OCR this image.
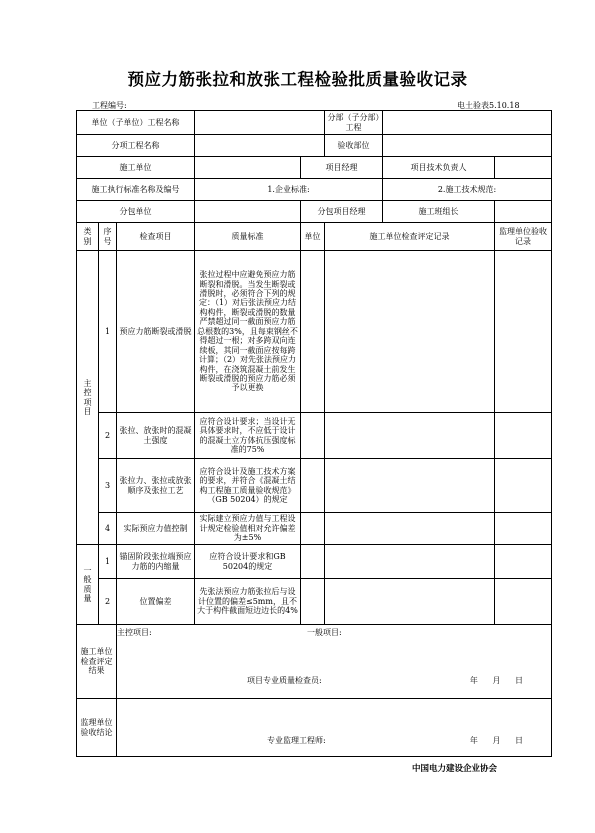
预应力筋张拉和放张工程检验批质量验收记录
工程编号:	电土验表5.10.18
单位（子单位）工程名称					分部（子分部）工程		
分项工程名称					验收部位		
施工单位				项目经理		项目技术负责人	
施工执行标准名称及编号			1.企业标准:			2.施工技术规范:	
分包单位				分包项目经理		施工班组长	

类别	序号	检查项目	质量标准	单位	施工单位检查评定记录		监理单位验收记录

主控项目	1	预应力筋断裂或滑脱	张拉过程中应避免预应力筋断裂和滑脱。当发生断裂或滑脱时，必须符合下列的规定：（1）对后张法预应力结构构件，断裂或滑脱的数量严禁超过同一截面预应力筋总根数的3%，且每束钢丝不得超过一根；对多跨双向连续板，其同一截面应按每跨计算；（2）对先张法预应力构件，在浇筑混凝土前发生断裂或滑脱的预应力筋必须予以更换				
	2	张拉、放张时的混凝土强度	应符合设计要求；当设计无具体要求时，不应低于设计的混凝土立方体抗压强度标准的75%				
	3	张拉力、张拉或放张顺序及张拉工艺	应符合设计及施工技术方案的要求，并符合《混凝土结构工程施工质量验收规范》（GB 50204）的规定				
	4	实际预应力值控制	实际建立预应力值与工程设计规定检验值相对允许偏差为±5%				

一般质量	1	锚固阶段张拉端预应力筋的内缩量	应符合设计要求和GB 50204的规定				
	2	位置偏差	先张法预应力筋张拉后与设计位置的偏差≤5mm，且不大于构件截面短边边长的4%				
施工单位检查评定结果		主控项目: 一般项目:
项目专业质量检查员: 年 月 日					

监理单位验收结论		专业监理工程师: 年 月 日					
中国电力建设企业协会
